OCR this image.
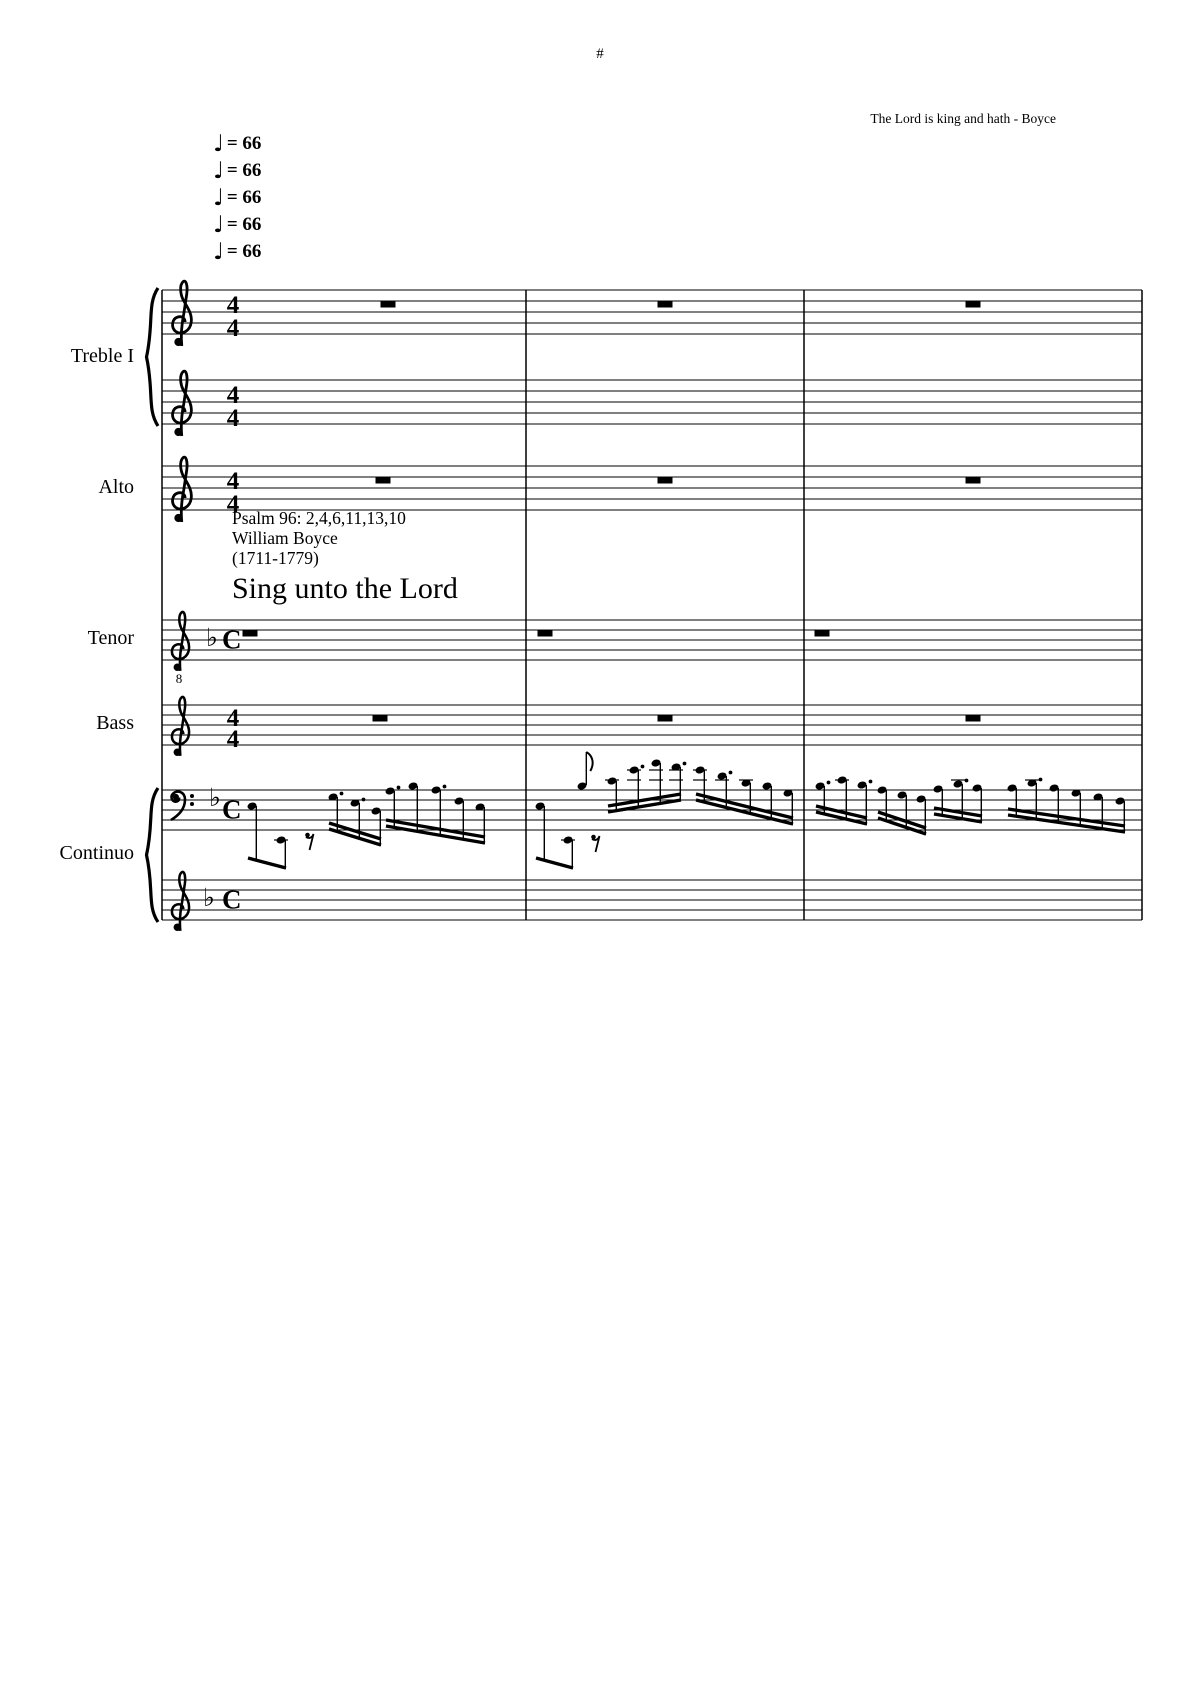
#
The Lord is king and hath - Boyce
♩ = 66
♩ = 66
♩ = 66
♩ = 66
♩ = 66
Psalm 96: 2,4,6,11,13,10
William Boyce
(1711-1779)
Sing unto the Lord
Treble I
Alto
Tenor
Bass
Continuo
4
4
4
4
4
4
8
♭ C
4
4
♭ C
♭ C
